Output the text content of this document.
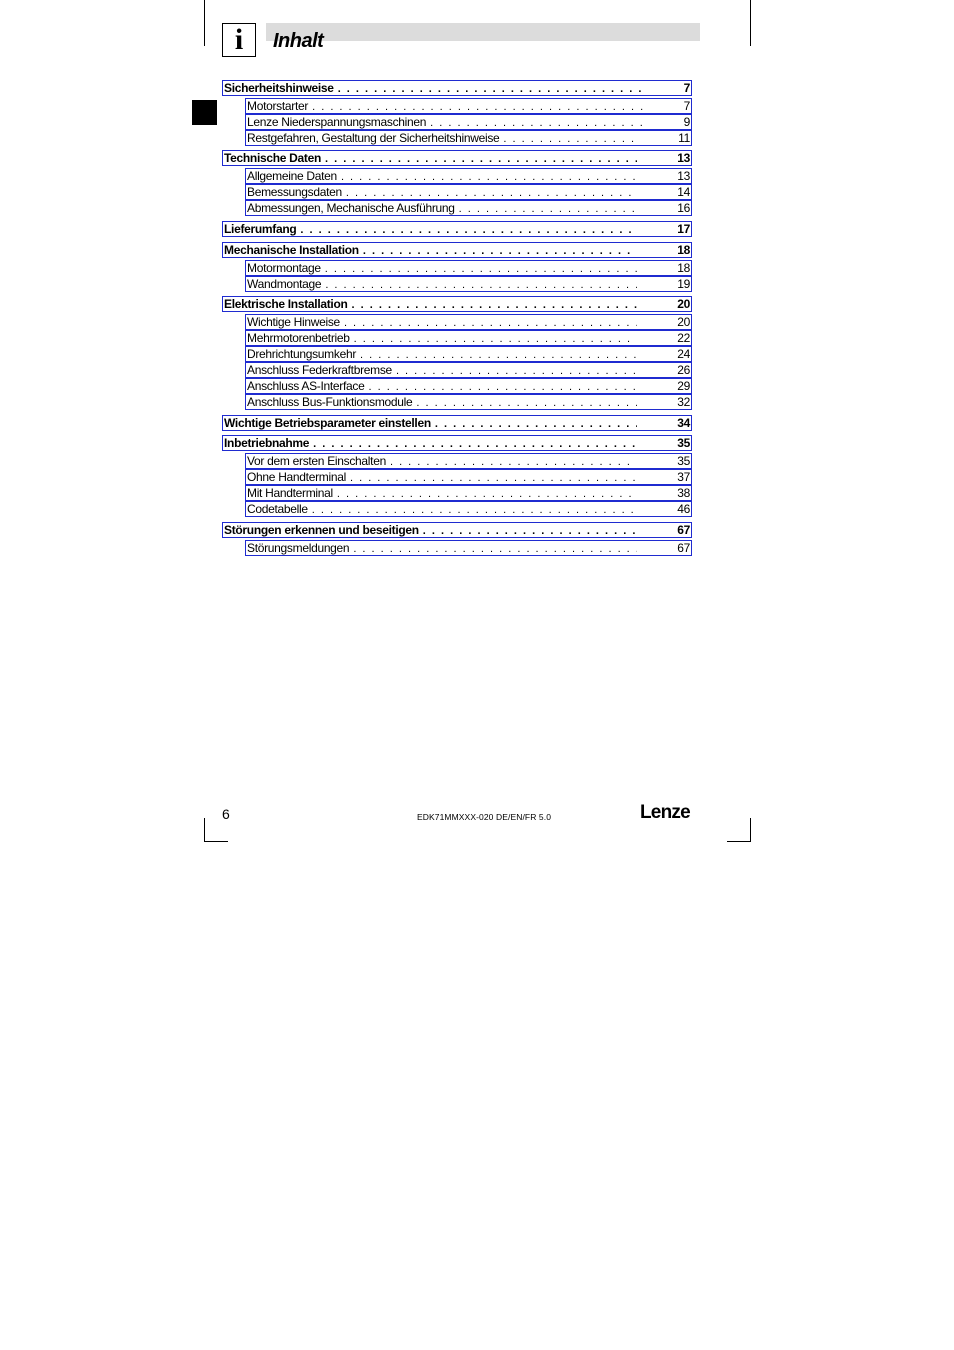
i Inhalt
Sicherheitshinweise . . .	7
Motorstarter . . .	7
Lenze Niederspannungsmaschinen . . .	9
Restgefahren, Gestaltung der Sicherheitshinweise . . .	11
Technische Daten . . .	13
Allgemeine Daten . . .	13
Bemessungsdaten . . .	14
Abmessungen, Mechanische Ausführung . . .	16
Lieferumfang . . .	17
Mechanische Installation . . .	18
Motormontage . . .	18
Wandmontage . . .	19
Elektrische Installation . . .	20
Wichtige Hinweise . . .	20
Mehrmotorenbetrieb . . .	22
Drehrichtungsumkehr . . .	24
Anschluss Federkraftbremse . . .	26
Anschluss AS-Interface . . .	29
Anschluss Bus-Funktionsmodule . . .	32
Wichtige Betriebsparameter einstellen . . .	34
Inbetriebnahme . . .	35
Vor dem ersten Einschalten . . .	35
Ohne Handterminal . . .	37
Mit Handterminal . . .	38
Codetabelle . . .	46
Störungen erkennen und beseitigen . . .	67
Störungsmeldungen . . .	67
6	EDK71MMXXX-020 DE/EN/FR 5.0	Lenze
